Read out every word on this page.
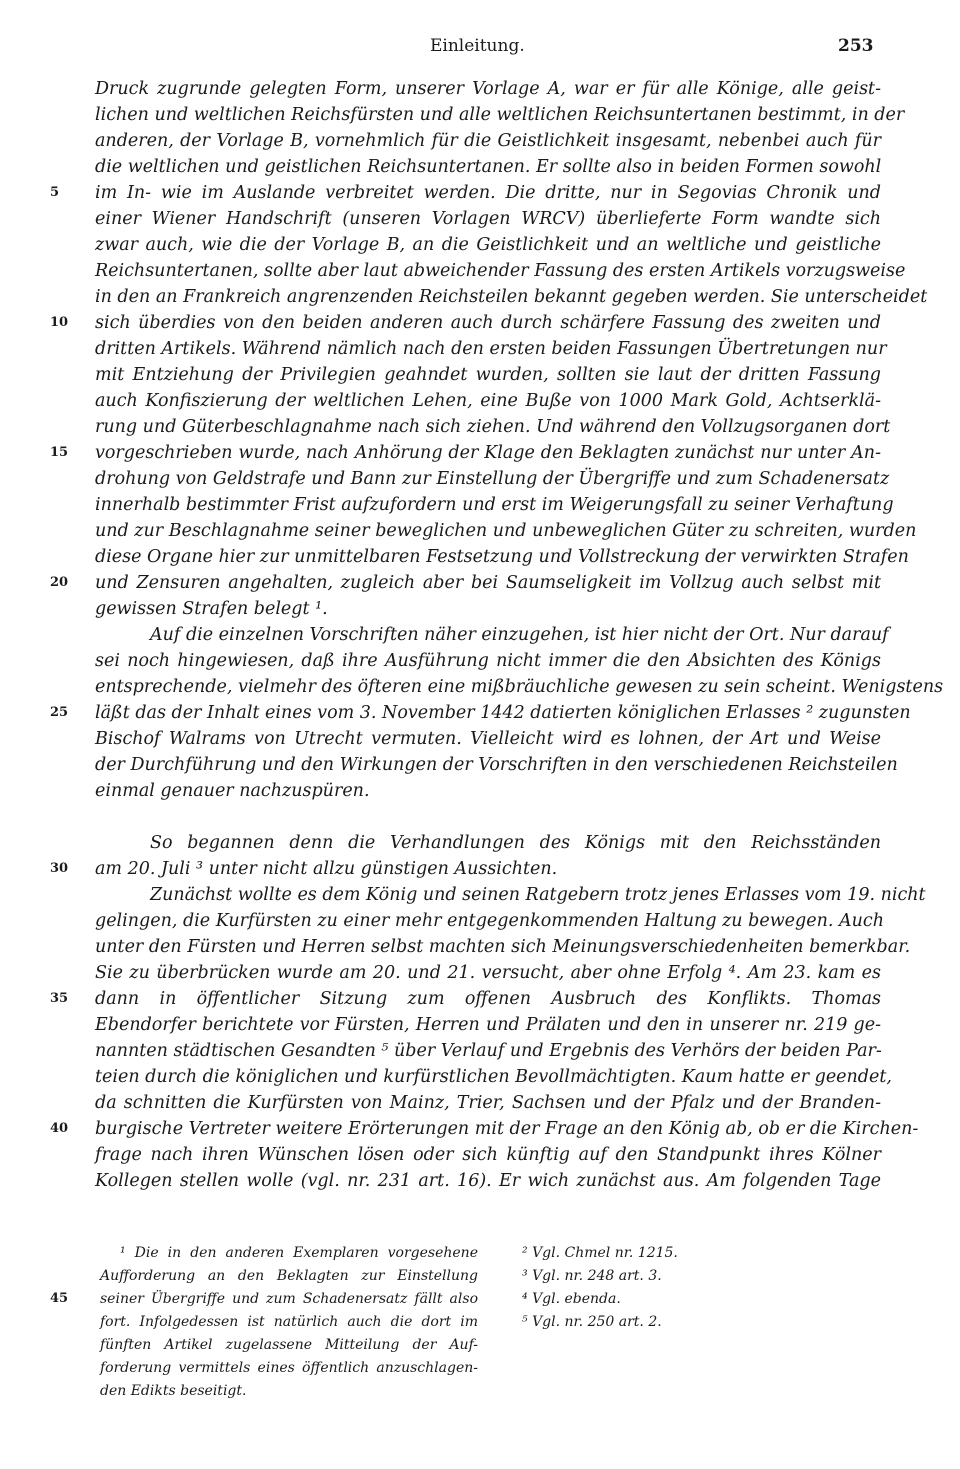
Einleitung.	253
Druck zugrunde gelegten Form, unserer Vorlage A, war er für alle Könige, alle geist-
lichen und weltlichen Reichsfürsten und alle weltlichen Reichsuntertanen bestimmt, in der
anderen, der Vorlage B, vornehmlich für die Geistlichkeit insgesamt, nebenbei auch für
die weltlichen und geistlichen Reichsuntertanen. Er sollte also in beiden Formen sowohl
5	im In- wie im Auslande verbreitet werden. Die dritte, nur in Segovias Chronik und
einer Wiener Handschrift (unseren Vorlagen WRCV) überlieferte Form wandte sich
zwar auch, wie die der Vorlage B, an die Geistlichkeit und an weltliche und geistliche
Reichsuntertanen, sollte aber laut abweichender Fassung des ersten Artikels vorzugsweise
in den an Frankreich angrenzenden Reichsteilen bekannt gegeben werden. Sie unterscheidet
10	sich überdies von den beiden anderen auch durch schärfere Fassung des zweiten und
dritten Artikels. Während nämlich nach den ersten beiden Fassungen Übertretungen nur
mit Entziehung der Privilegien geahndet wurden, sollten sie laut der dritten Fassung
auch Konfiszierung der weltlichen Lehen, eine Buße von 1000 Mark Gold, Achtserklä-
rung und Güterbeschlagnahme nach sich ziehen. Und während den Vollzugsorganen dort
15	vorgeschrieben wurde, nach Anhörung der Klage den Beklagten zunächst nur unter An-
drohung von Geldstrafe und Bann zur Einstellung der Übergriffe und zum Schadenersatz
innerhalb bestimmter Frist aufzufordern und erst im Weigerungsfall zu seiner Verhaftung
und zur Beschlagnahme seiner beweglichen und unbeweglichen Güter zu schreiten, wurden
diese Organe hier zur unmittelbaren Festsetzung und Vollstreckung der verwirkten Strafen
20	und Zensuren angehalten, zugleich aber bei Saumseligkeit im Vollzug auch selbst mit
gewissen Strafen belegt ¹.
Auf die einzelnen Vorschriften näher einzugehen, ist hier nicht der Ort. Nur darauf
sei noch hingewiesen, daß ihre Ausführung nicht immer die den Absichten des Königs
entsprechende, vielmehr des öfteren eine mißbräuchliche gewesen zu sein scheint. Wenigstens
25	läßt das der Inhalt eines vom 3. November 1442 datierten königlichen Erlasses ² zugunsten
Bischof Walrams von Utrecht vermuten. Vielleicht wird es lohnen, der Art und Weise
der Durchführung und den Wirkungen der Vorschriften in den verschiedenen Reichsteilen
einmal genauer nachzuspüren.
So begannen denn die Verhandlungen des Königs mit den Reichsständen
30	am 20. Juli ³ unter nicht allzu günstigen Aussichten.
Zunächst wollte es dem König und seinen Ratgebern trotz jenes Erlasses vom 19. nicht
gelingen, die Kurfürsten zu einer mehr entgegenkommenden Haltung zu bewegen. Auch
unter den Fürsten und Herren selbst machten sich Meinungsverschiedenheiten bemerkbar.
Sie zu überbrücken wurde am 20. und 21. versucht, aber ohne Erfolg ⁴. Am 23. kam es
35	dann in öffentlicher Sitzung zum offenen Ausbruch des Konflikts. Thomas
Ebendorfer berichtete vor Fürsten, Herren und Prälaten und den in unserer nr. 219 ge-
nannten städtischen Gesandten ⁵ über Verlauf und Ergebnis des Verhörs der beiden Par-
teien durch die königlichen und kurfürstlichen Bevollmächtigten. Kaum hatte er geendet,
da schnitten die Kurfürsten von Mainz, Trier, Sachsen und der Pfalz und der Branden-
40	burgische Vertreter weitere Erörterungen mit der Frage an den König ab, ob er die Kirchen-
frage nach ihren Wünschen lösen oder sich künftig auf den Standpunkt ihres Kölner
Kollegen stellen wolle (vgl. nr. 231 art. 16). Er wich zunächst aus. Am folgenden Tage
¹ Die in den anderen Exemplaren vorgesehene
Aufforderung an den Beklagten zur Einstellung
45 seiner Übergriffe und zum Schadenersatz fällt also
fort. Infolgedessen ist natürlich auch die dort im
fünften Artikel zugelassene Mitteilung der Auf-
forderung vermittels eines öffentlich anzuschlagen-
den Edikts beseitigt.
² Vgl. Chmel nr. 1215.
³ Vgl. nr. 248 art. 3.
⁴ Vgl. ebenda.
⁵ Vgl. nr. 250 art. 2.
